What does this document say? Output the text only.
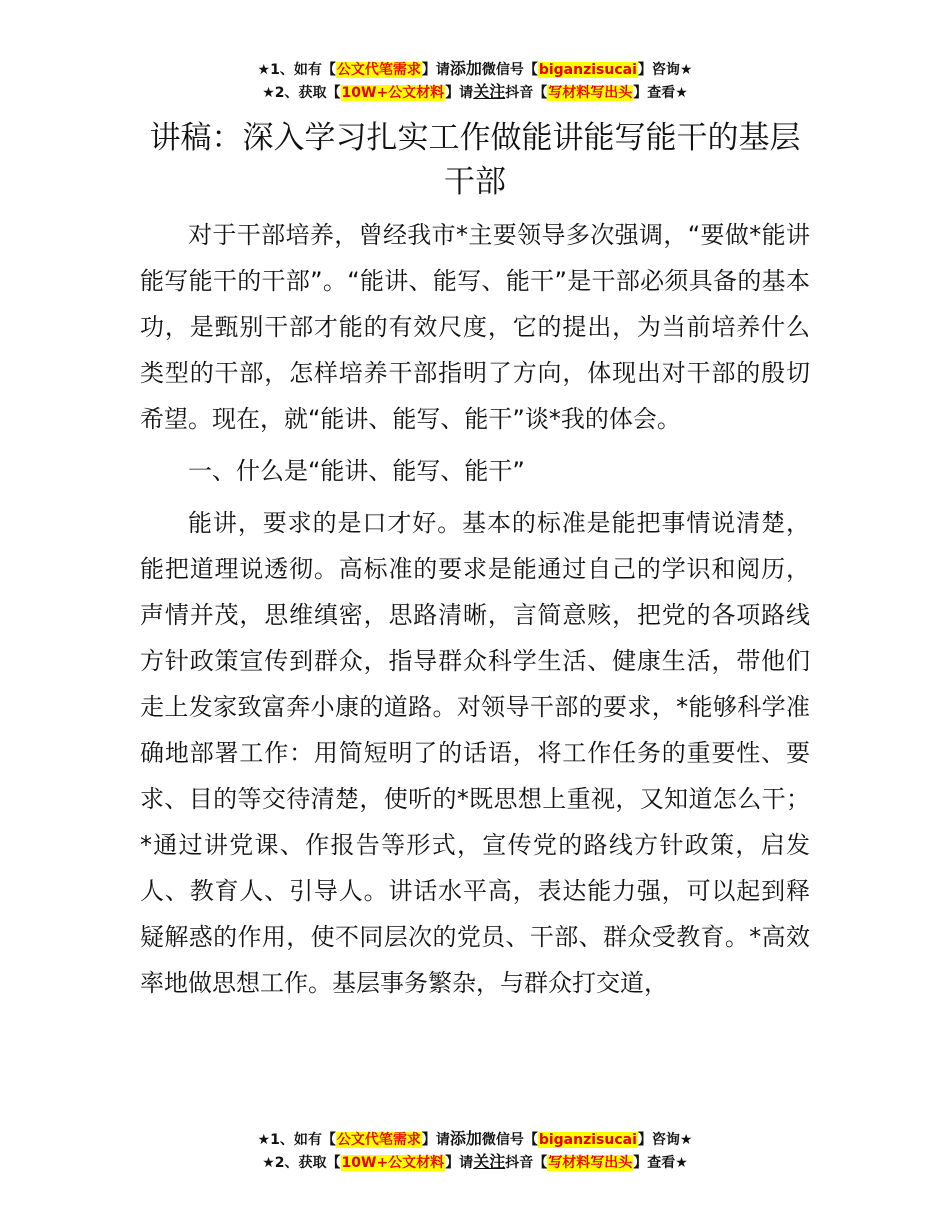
★1、如有【公文代笔需求】请添加微信号【biganzisucai】咨询★
★2、获取【10W+公文材料】请关注抖音【写材料写出头】查看★
讲稿：深入学习扎实工作做能讲能写能干的基层干部

对于干部培养，曾经我市*主要领导多次强调，“要做*能讲能写能干的干部”。“能讲、能写、能干”是干部必须具备的基本功，是甄别干部才能的有效尺度，它的提出，为当前培养什么类型的干部，怎样培养干部指明了方向，体现出对干部的殷切希望。现在，就“能讲、能写、能干”谈*我的体会。

一、什么是“能讲、能写、能干”

能讲，要求的是口才好。基本的标准是能把事情说清楚，能把道理说透彻。高标准的要求是能通过自己的学识和阅历，声情并茂，思维缜密，思路清晰，言简意赅，把党的各项路线方针政策宣传到群众，指导群众科学生活、健康生活，带他们走上发家致富奔小康的道路。对领导干部的要求，*能够科学准确地部署工作：用简短明了的话语，将工作任务的重要性、要求、目的等交待清楚，使听的*既思想上重视，又知道怎么干；*通过讲党课、作报告等形式，宣传党的路线方针政策，启发人、教育人、引导人。讲话水平高，表达能力强，可以起到释疑解惑的作用，使不同层次的党员、干部、群众受教育。*高效率地做思想工作。基层事务繁杂，与群众打交道，

★1、如有【公文代笔需求】请添加微信号【biganzisucai】咨询★
★2、获取【10W+公文材料】请关注抖音【写材料写出头】查看★
